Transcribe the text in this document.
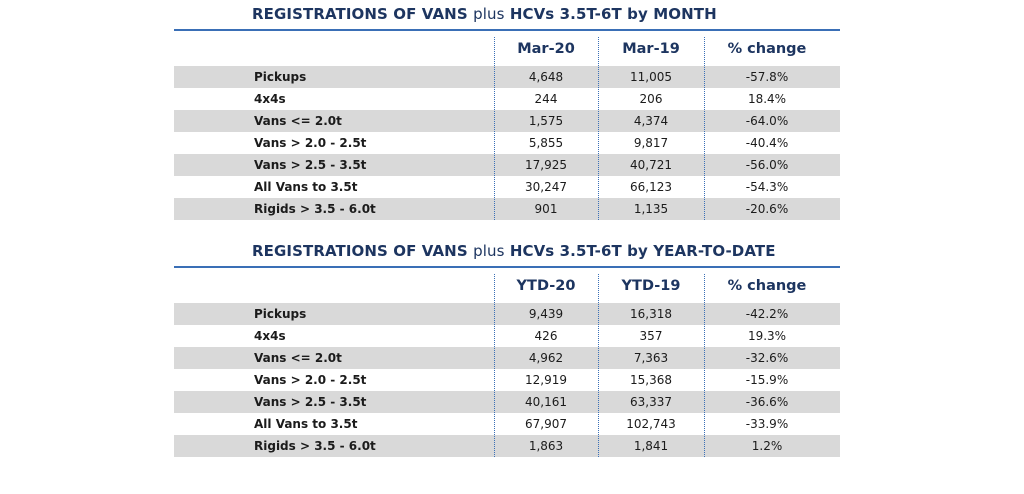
REGISTRATIONS OF VANS plus HCVs 3.5T-6T by MONTH
Mar-20	Mar-19	% change
Pickups	4,648	11,005	-57.8%
4x4s	244	206	18.4%
Vans <= 2.0t	1,575	4,374	-64.0%
Vans > 2.0 - 2.5t	5,855	9,817	-40.4%
Vans > 2.5 - 3.5t	17,925	40,721	-56.0%
All Vans to 3.5t	30,247	66,123	-54.3%
Rigids > 3.5 - 6.0t	901	1,135	-20.6%
REGISTRATIONS OF VANS plus HCVs 3.5T-6T by YEAR-TO-DATE
YTD-20	YTD-19	% change
Pickups	9,439	16,318	-42.2%
4x4s	426	357	19.3%
Vans <= 2.0t	4,962	7,363	-32.6%
Vans > 2.0 - 2.5t	12,919	15,368	-15.9%
Vans > 2.5 - 3.5t	40,161	63,337	-36.6%
All Vans to 3.5t	67,907	102,743	-33.9%
Rigids > 3.5 - 6.0t	1,863	1,841	1.2%
